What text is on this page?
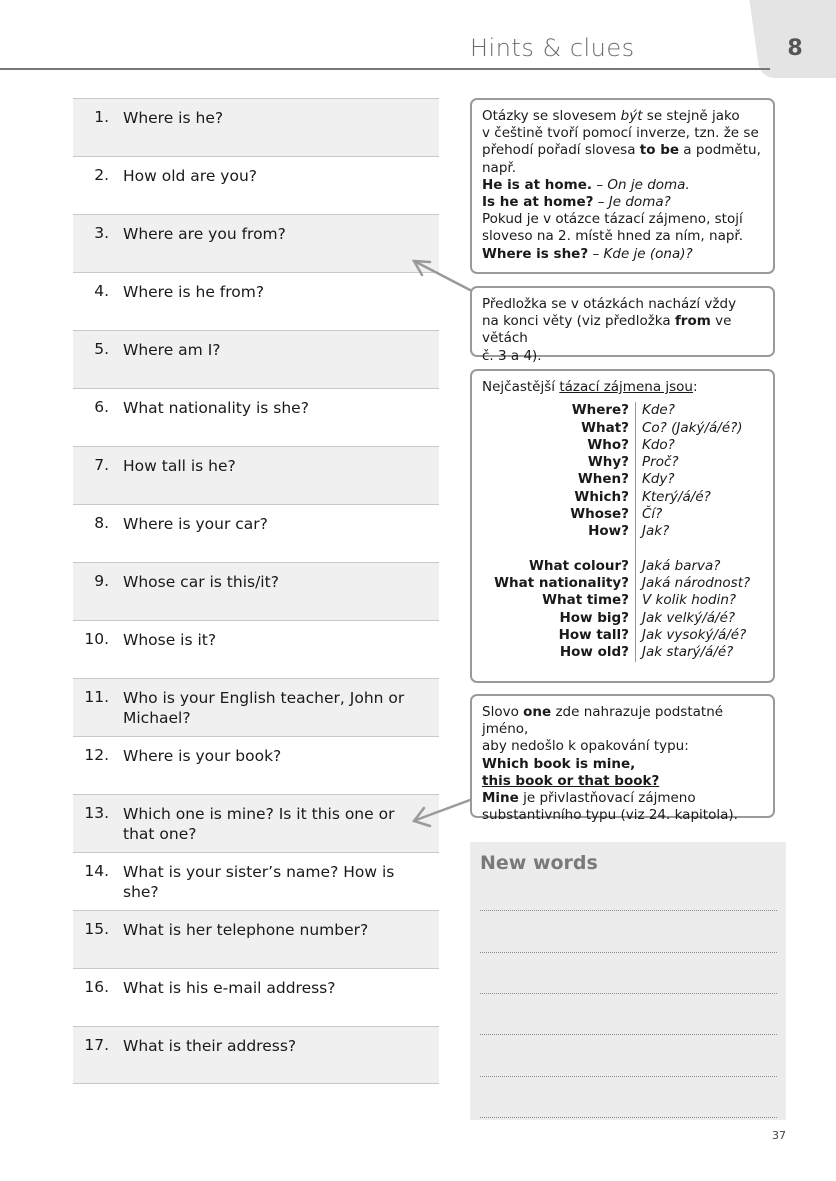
8
Hints & clues
1. Where is he?
2. How old are you?
3. Where are you from?
4. Where is he from?
5. Where am I?
6. What nationality is she?
7. How tall is he?
8. Where is your car?
9. Whose car is this/it?
10. Whose is it?
11. Who is your English teacher, John or Michael?
12. Where is your book?
13. Which one is mine? Is it this one or that one?
14. What is your sister’s name? How is she?
15. What is her telephone number?
16. What is his e-mail address?
17. What is their address?
Otázky se slovesem být se stejně jako
v češtině tvoří pomocí inverze, tzn. že se
přehodí pořadí slovesa to be a podmětu,
např.
He is at home. – On je doma.
Is he at home? – Je doma?
Pokud je v otázce tázací zájmeno, stojí
sloveso na 2. místě hned za ním, např.
Where is she? – Kde je (ona)?
Předložka se v otázkách nachází vždy
na konci věty (viz předložka from ve větách
č. 3 a 4).
Nejčastější tázací zájmena jsou:
Where? Kde?
What? Co? (Jaký/á/é?)
Who? Kdo?
Why? Proč?
When? Kdy?
Which? Který/á/é?
Whose? Čí?
How? Jak?
What colour? Jaká barva?
What nationality? Jaká národnost?
What time? V kolik hodin?
How big? Jak velký/á/é?
How tall? Jak vysoký/á/é?
How old? Jak starý/á/é?
Slovo one zde nahrazuje podstatné jméno,
aby nedošlo k opakování typu:
Which book is mine,
this book or that book?
Mine je přivlastňovací zájmeno
substantivního typu (viz 24. kapitola).
New words
37
